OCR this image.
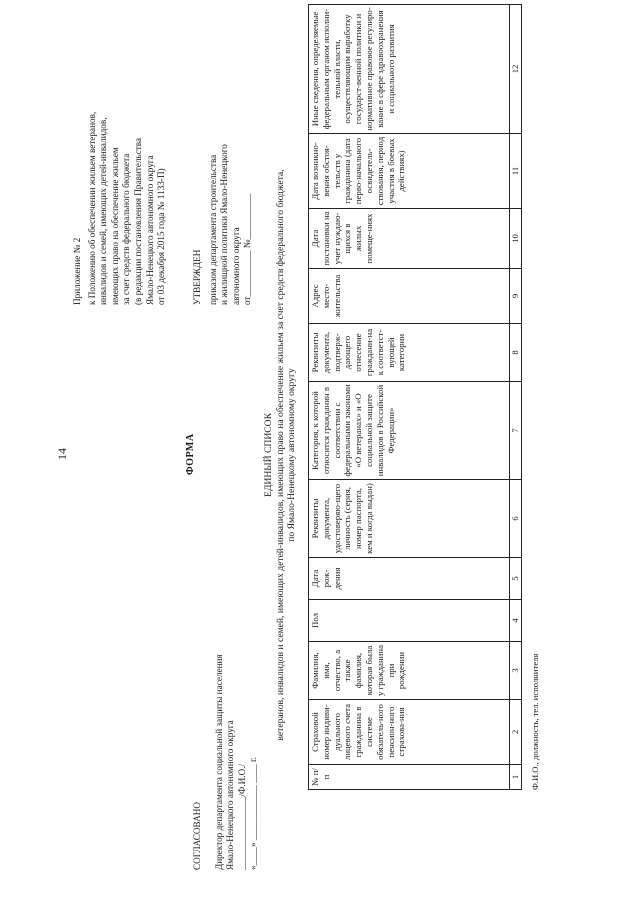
14
Приложение № 2 к Положению об обеспечении жильем ветеранов, инвалидов и семей, имеющих детей-инвалидов, имеющих право на обеспечение жильем за счет средств федерального бюджета (в редакции постановления Правительства Ямало-Ненецкого автономного округа от 03 декабря 2015 года № 1133-П)
ФОРМА
УТВЕРЖДЕН приказом департамента строительства и жилищной политики Ямало-Ненецкого автономного округа от__________ №__________
СОГЛАСОВАНО Директор департамента социальной защиты населения Ямало-Ненецкого автономного округа ________________/Ф.И.О./ «____» ____________ ____ г.
ЕДИНЫЙ СПИСОК ветеранов, инвалидов и семей, имеющих детей-инвалидов, имеющих право на обеспечение жильем за счет средств федерального бюджета, по Ямало-Ненецкому автономному округу
№ п/п	Страховой номер индиви-дуального лицевого счета гражданина в системе обязатель-ного пенсион-ного страхова-ния	Фамилия, имя, отчество, а также фамилия, которая была у гражданина при рождении	Пол	Дата рож-дения	Реквизиты документа, удостоверяю-щего личность (серия, номер паспорта, кем и когда выдан)	Категория, к которой относится гражданин в соответствии с федеральными законами «О ветеранах» и «О социальной защите инвалидов в Российской Федерации»	Реквизиты документа, подтверж-дающего отнесение граждани-на к соответст-вующей категории	Адрес место-жительства	Дата постановки на учет нуждаю-щихся в жилых помеще-ниях	Дата возникно-вения обстоя-тельств у гражданина (дата перво-начального освидетель-ствования, период участия в боевых действиях)	Иные сведения, определяемые федеральным органом исполни-тельной власти, осуществляющим выработку государст-венной политики и нормативное правовое регулиро-вание в сфере здравоохранения и социального развития
1	2	3	4	5	6	7	8	9	10	11	12
Ф.И.О., должность, тел. исполнителя
